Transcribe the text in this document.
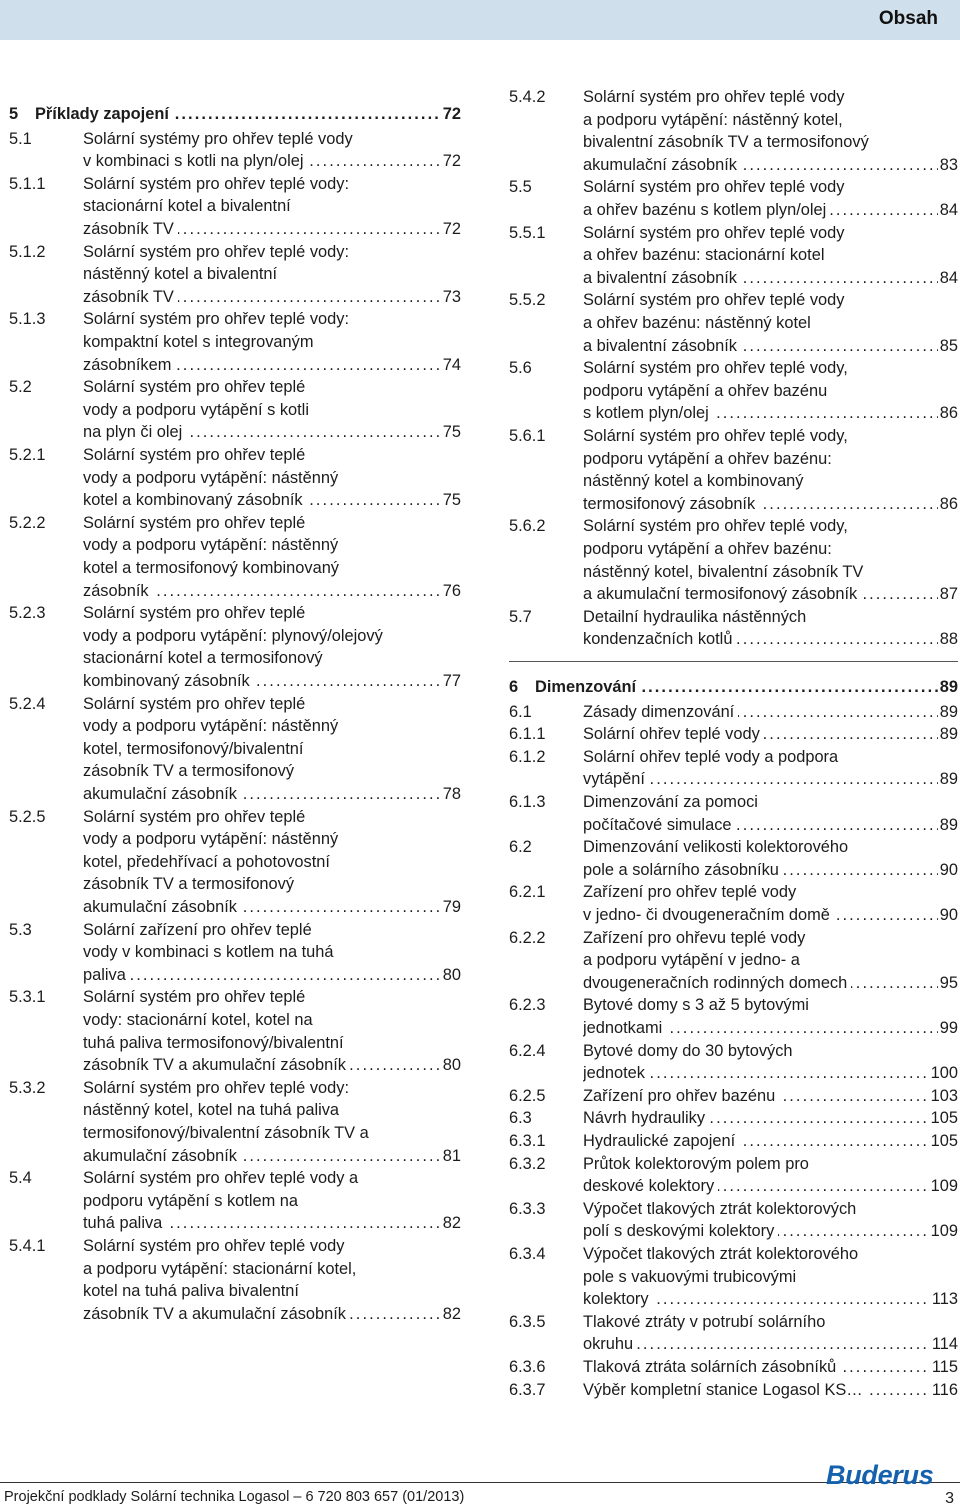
Obsah
5 ..... Příklady zapojení	72
5.1	Solární systémy pro ohřev teplé vody
..... v kombinaci s kotli na plyn/olej	72
5.1.1 Solární systém pro ohřev teplé vody:
stacionární kotel a bivalentní
..... zásobník TV	72
5.1.2 Solární systém pro ohřev teplé vody:
nástěnný kotel a bivalentní
..... zásobník TV	73
5.1.3 Solární systém pro ohřev teplé vody:
kompaktní kotel s integrovaným
..... zásobníkem	74
5.2	Solární systém pro ohřev teplé
vody a podporu vytápění s kotli
..... na plyn či olej	75
5.2.1 Solární systém pro ohřev teplé
vody a podporu vytápění: nástěnný
..... kotel a kombinovaný zásobník	75
5.2.2 Solární systém pro ohřev teplé
vody a podporu vytápění: nástěnný
kotel a termosifonový kombinovaný
..... zásobník	76
5.2.3 Solární systém pro ohřev teplé
vody a podporu vytápění: plynový/olejový
stacionární kotel a termosifonový
..... kombinovaný zásobník	77
5.2.4 Solární systém pro ohřev teplé
vody a podporu vytápění: nástěnný
kotel, termosifonový/bivalentní
zásobník TV a termosifonový
..... akumulační zásobník	78
5.2.5 Solární systém pro ohřev teplé
vody a podporu vytápění: nástěnný
kotel, předehřívací a pohotovostní
zásobník TV a termosifonový
..... akumulační zásobník	79
5.3	Solární zařízení pro ohřev teplé
vody v kombinaci s kotlem na tuhá
..... paliva	80
5.3.1 Solární systém pro ohřev teplé
vody: stacionární kotel, kotel na
tuhá paliva termosifonový/bivalentní
..... zásobník TV a akumulační zásobník	80
5.3.2 Solární systém pro ohřev teplé vody:
nástěnný kotel, kotel na tuhá paliva
termosifonový/bivalentní zásobník TV a
..... akumulační zásobník	81
5.4	Solární systém pro ohřev teplé vody a
podporu vytápění s kotlem na
..... tuhá paliva	82
5.4.1 Solární systém pro ohřev teplé vody
a podporu vytápění: stacionární kotel,
kotel na tuhá paliva bivalentní
..... zásobník TV a akumulační zásobník	82
5.4.2 Solární systém pro ohřev teplé vody
a podporu vytápění: nástěnný kotel,
bivalentní zásobník TV a termosifonový
..... akumulační zásobník	83
5.5	Solární systém pro ohřev teplé vody
..... a ohřev bazénu s kotlem plyn/olej	84
5.5.1 Solární systém pro ohřev teplé vody
a ohřev bazénu: stacionární kotel
..... a bivalentní zásobník	84
5.5.2 Solární systém pro ohřev teplé vody
a ohřev bazénu: nástěnný kotel
..... a bivalentní zásobník	85
5.6	Solární systém pro ohřev teplé vody,
podporu vytápění a ohřev bazénu
..... s kotlem plyn/olej	86
5.6.1 Solární systém pro ohřev teplé vody,
podporu vytápění a ohřev bazénu:
nástěnný kotel a kombinovaný
..... termosifonový zásobník	86
5.6.2 Solární systém pro ohřev teplé vody,
podporu vytápění a ohřev bazénu:
nástěnný kotel, bivalentní zásobník TV
..... a akumulační termosifonový zásobník	87
5.7	Detailní hydraulika nástěnných
..... kondenzačních kotlů	88
6 ..... Dimenzování	89
6.1	..... Zásady dimenzování	89
6.1.1 ..... Solární ohřev teplé vody	89
6.1.2 Solární ohřev teplé vody a podpora
..... vytápění	89
6.1.3 Dimenzování za pomoci
..... počítačové simulace	89
6.2	Dimenzování velikosti kolektorového
..... pole a solárního zásobníku	90
6.2.1 Zařízení pro ohřev teplé vody
..... v jedno- či dvougeneračním domě	90
6.2.2 Zařízení pro ohřevu teplé vody
a podporu vytápění v jedno- a
..... dvougeneračních rodinných domech	95
6.2.3 Bytové domy s 3 až 5 bytovými
..... jednotkami	99
6.2.4 Bytové domy do 30 bytových
..... jednotek	100
6.2.5 ..... Zařízení pro ohřev bazénu	103
6.3	..... Návrh hydrauliky	105
6.3.1 ..... Hydraulické zapojení	105
6.3.2 Průtok kolektorovým polem pro
..... deskové kolektory	109
6.3.3 Výpočet tlakových ztrát kolektorových
..... polí s deskovými kolektory	109
6.3.4 Výpočet tlakových ztrát kolektorového
pole s vakuovými trubicovými
..... kolektory	113
6.3.5 Tlakové ztráty v potrubí solárního
..... okruhu	114
6.3.6 ..... Tlaková ztráta solárních zásobníků	115
6.3.7 ..... Výběr kompletní stanice Logasol KS…	116
Buderus
Projekční podklady Solární technika Logasol – 6 720 803 657 (01/2013)	3
